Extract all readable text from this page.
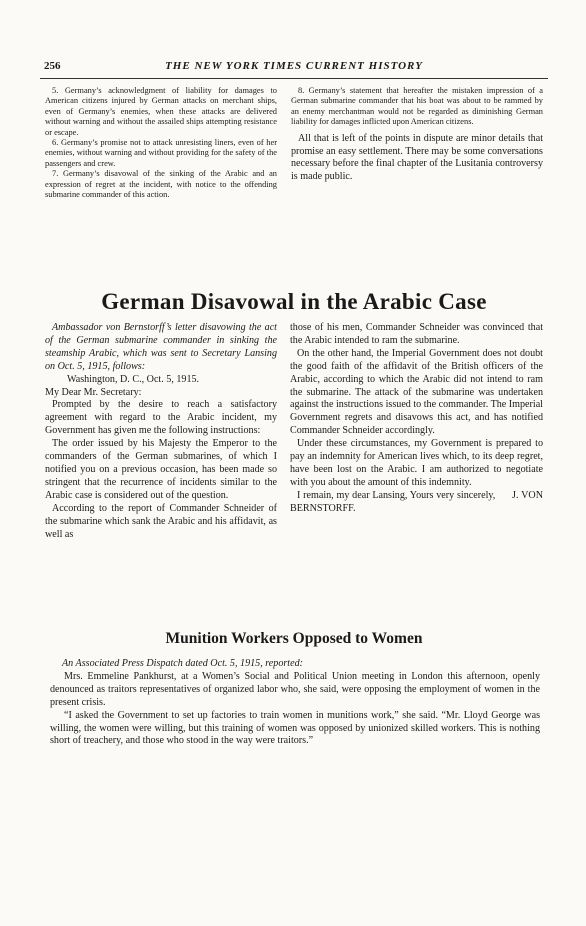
256	THE NEW YORK TIMES CURRENT HISTORY

5. Germany’s acknowledgment of liability for damages to American citizens injured by German attacks on merchant ships, even of Germany’s enemies, when these attacks are delivered without warning and without the assailed ships attempting resistance or escape.

6. Germany’s promise not to attack unresisting liners, even of her enemies, without warning and without providing for the safety of the passengers and crew.

7. Germany’s disavowal of the sinking of the Arabic and an expression of regret at the incident, with notice to the offending submarine commander of this action.

8. Germany’s statement that hereafter the mistaken impression of a German submarine commander that his boat was about to be rammed by an enemy merchantman would not be regarded as diminishing German liability for damages inflicted upon American citizens.

All that is left of the points in dispute are minor details that promise an easy settlement. There may be some conversations necessary before the final chapter of the Lusitania controversy is made public.

German Disavowal in the Arabic Case

Ambassador von Bernstorff’s letter disavowing the act of the German submarine commander in sinking the steamship Arabic, which was sent to Secretary Lansing on Oct. 5, 1915, follows:

Washington, D. C., Oct. 5, 1915.

My Dear Mr. Secretary:

Prompted by the desire to reach a satisfactory agreement with regard to the Arabic incident, my Government has given me the following instructions:

The order issued by his Majesty the Emperor to the commanders of the German submarines, of which I notified you on a previous occasion, has been made so stringent that the recurrence of incidents similar to the Arabic case is considered out of the question.

According to the report of Commander Schneider of the submarine which sank the Arabic and his affidavit, as well as

those of his men, Commander Schneider was convinced that the Arabic intended to ram the submarine.

On the other hand, the Imperial Government does not doubt the good faith of the affidavit of the British officers of the Arabic, according to which the Arabic did not intend to ram the submarine. The attack of the submarine was undertaken against the instructions issued to the commander. The Imperial Government regrets and disavows this act, and has notified Commander Schneider accordingly.

Under these circumstances, my Government is prepared to pay an indemnity for American lives which, to its deep regret, have been lost on the Arabic. I am authorized to negotiate with you about the amount of this indemnity.

I remain, my dear Lansing, Yours very sincerely,      J. VON BERNSTORFF.

Munition Workers Opposed to Women

An Associated Press Dispatch dated Oct. 5, 1915, reported:

Mrs. Emmeline Pankhurst, at a Women’s Social and Political Union meeting in London this afternoon, openly denounced as traitors representatives of organized labor who, she said, were opposing the employment of women in the present crisis.

“I asked the Government to set up factories to train women in munitions work,” she said. “Mr. Lloyd George was willing, the women were willing, but this training of women was opposed by unionized skilled workers. This is nothing short of treachery, and those who stood in the way were traitors.”
